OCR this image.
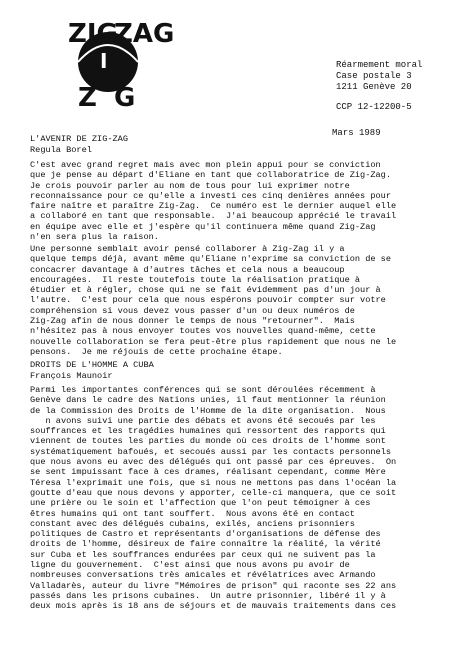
ZIG
I
Z G
ZAG
Réarmement moral
Case postale 3
1211 Genève 20
CCP 12-12200-5
Mars 1989
L'AVENIR DE ZIG-ZAG
Regula Borel

C'est avec grand regret mais avec mon plein appui pour se conviction

que je pense au départ d'Eliane en tant que collaboratrice de Zig-Zag.

Je crois pouvoir parler au nom de tous pour lui exprimer notre

reconnaissance pour ce qu'elle a investi ces cinq denières années pour

faire naître et paraître Zig-Zag.  Ce numéro est le dernier auquel elle

a collaboré en tant que responsable.  J'ai beaucoup apprécié le travail

en équipe avec elle et j'espère qu'il continuera même quand Zig-Zag

n'en sera plus la raison.

Une personne semblait avoir pensé collaborer à Zig-Zag il y a

quelque temps déjà, avant même qu'Eliane n'exprime sa conviction de se

concacrer davantage à d'autres tâches et cela nous a beaucoup

encouragées.  Il reste toutefois toute la réalisation pratique à

étudier et à régler, chose qui ne se fait évidemment pas d'un jour à

l'autre.  C'est pour cela que nous espérons pouvoir compter sur votre

compréhension si vous devez vous passer d'un ou deux numéros de

Zig-Zag afin de nous donner le temps de nous "retourner".  Mais

n'hésitez pas à nous envoyer toutes vos nouvelles quand-même, cette

nouvelle collaboration se fera peut-être plus rapidement que nous ne le

pensons.  Je me réjouis de cette prochaine étape.

DROITS DE L'HOMME A CUBA
François Maunoir

Parmi les importantes conférences qui se sont déroulées récemment à

Genève dans le cadre des Nations unies, il faut mentionner la réunion

de la Commission des Droits de l'Homme de la dite organisation.  Nous

n avons suivi une partie des débats et avons été secoués par les

souffrances et les tragédies humaines qui ressortent des rapports qui

viennent de toutes les parties du monde où ces droits de l'homme sont

systématiquement bafoués, et secoués aussi par les contacts personnels

que nous avons eu avec des délégués qui ont passé par ces épreuves.  On

se sent impuissant face à ces drames, réalisant cependant, comme Mère

Téresa l'exprimait une fois, que si nous ne mettons pas dans l'océan la

goutte d'eau que nous devons y apporter, celle-ci manquera, que ce soit

une prière ou le soin et l'affection que l'on peut témoigner à ces

êtres humains qui ont tant souffert.  Nous avons été en contact

constant avec des délégués cubains, exilés, anciens prisonniers

politiques de Castro et représentants d'organisations de défense des

droits de l'homme, désireux de faire connaître la réalité, la vérité

sur Cuba et les souffrances endurées par ceux qui ne suivent pas la

ligne du gouvernement.  C'est ainsi que nous avons pu avoir de

nombreuses conversations très amicales et révélatrices avec Armando

Valladarès, auteur du livre "Mémoires de prison" qui raconte ses 22 ans

passés dans les prisons cubaines.  Un autre prisonnier, libéré il y à

deux mois après is 18 ans de séjours et de mauvais traitements dans ces
